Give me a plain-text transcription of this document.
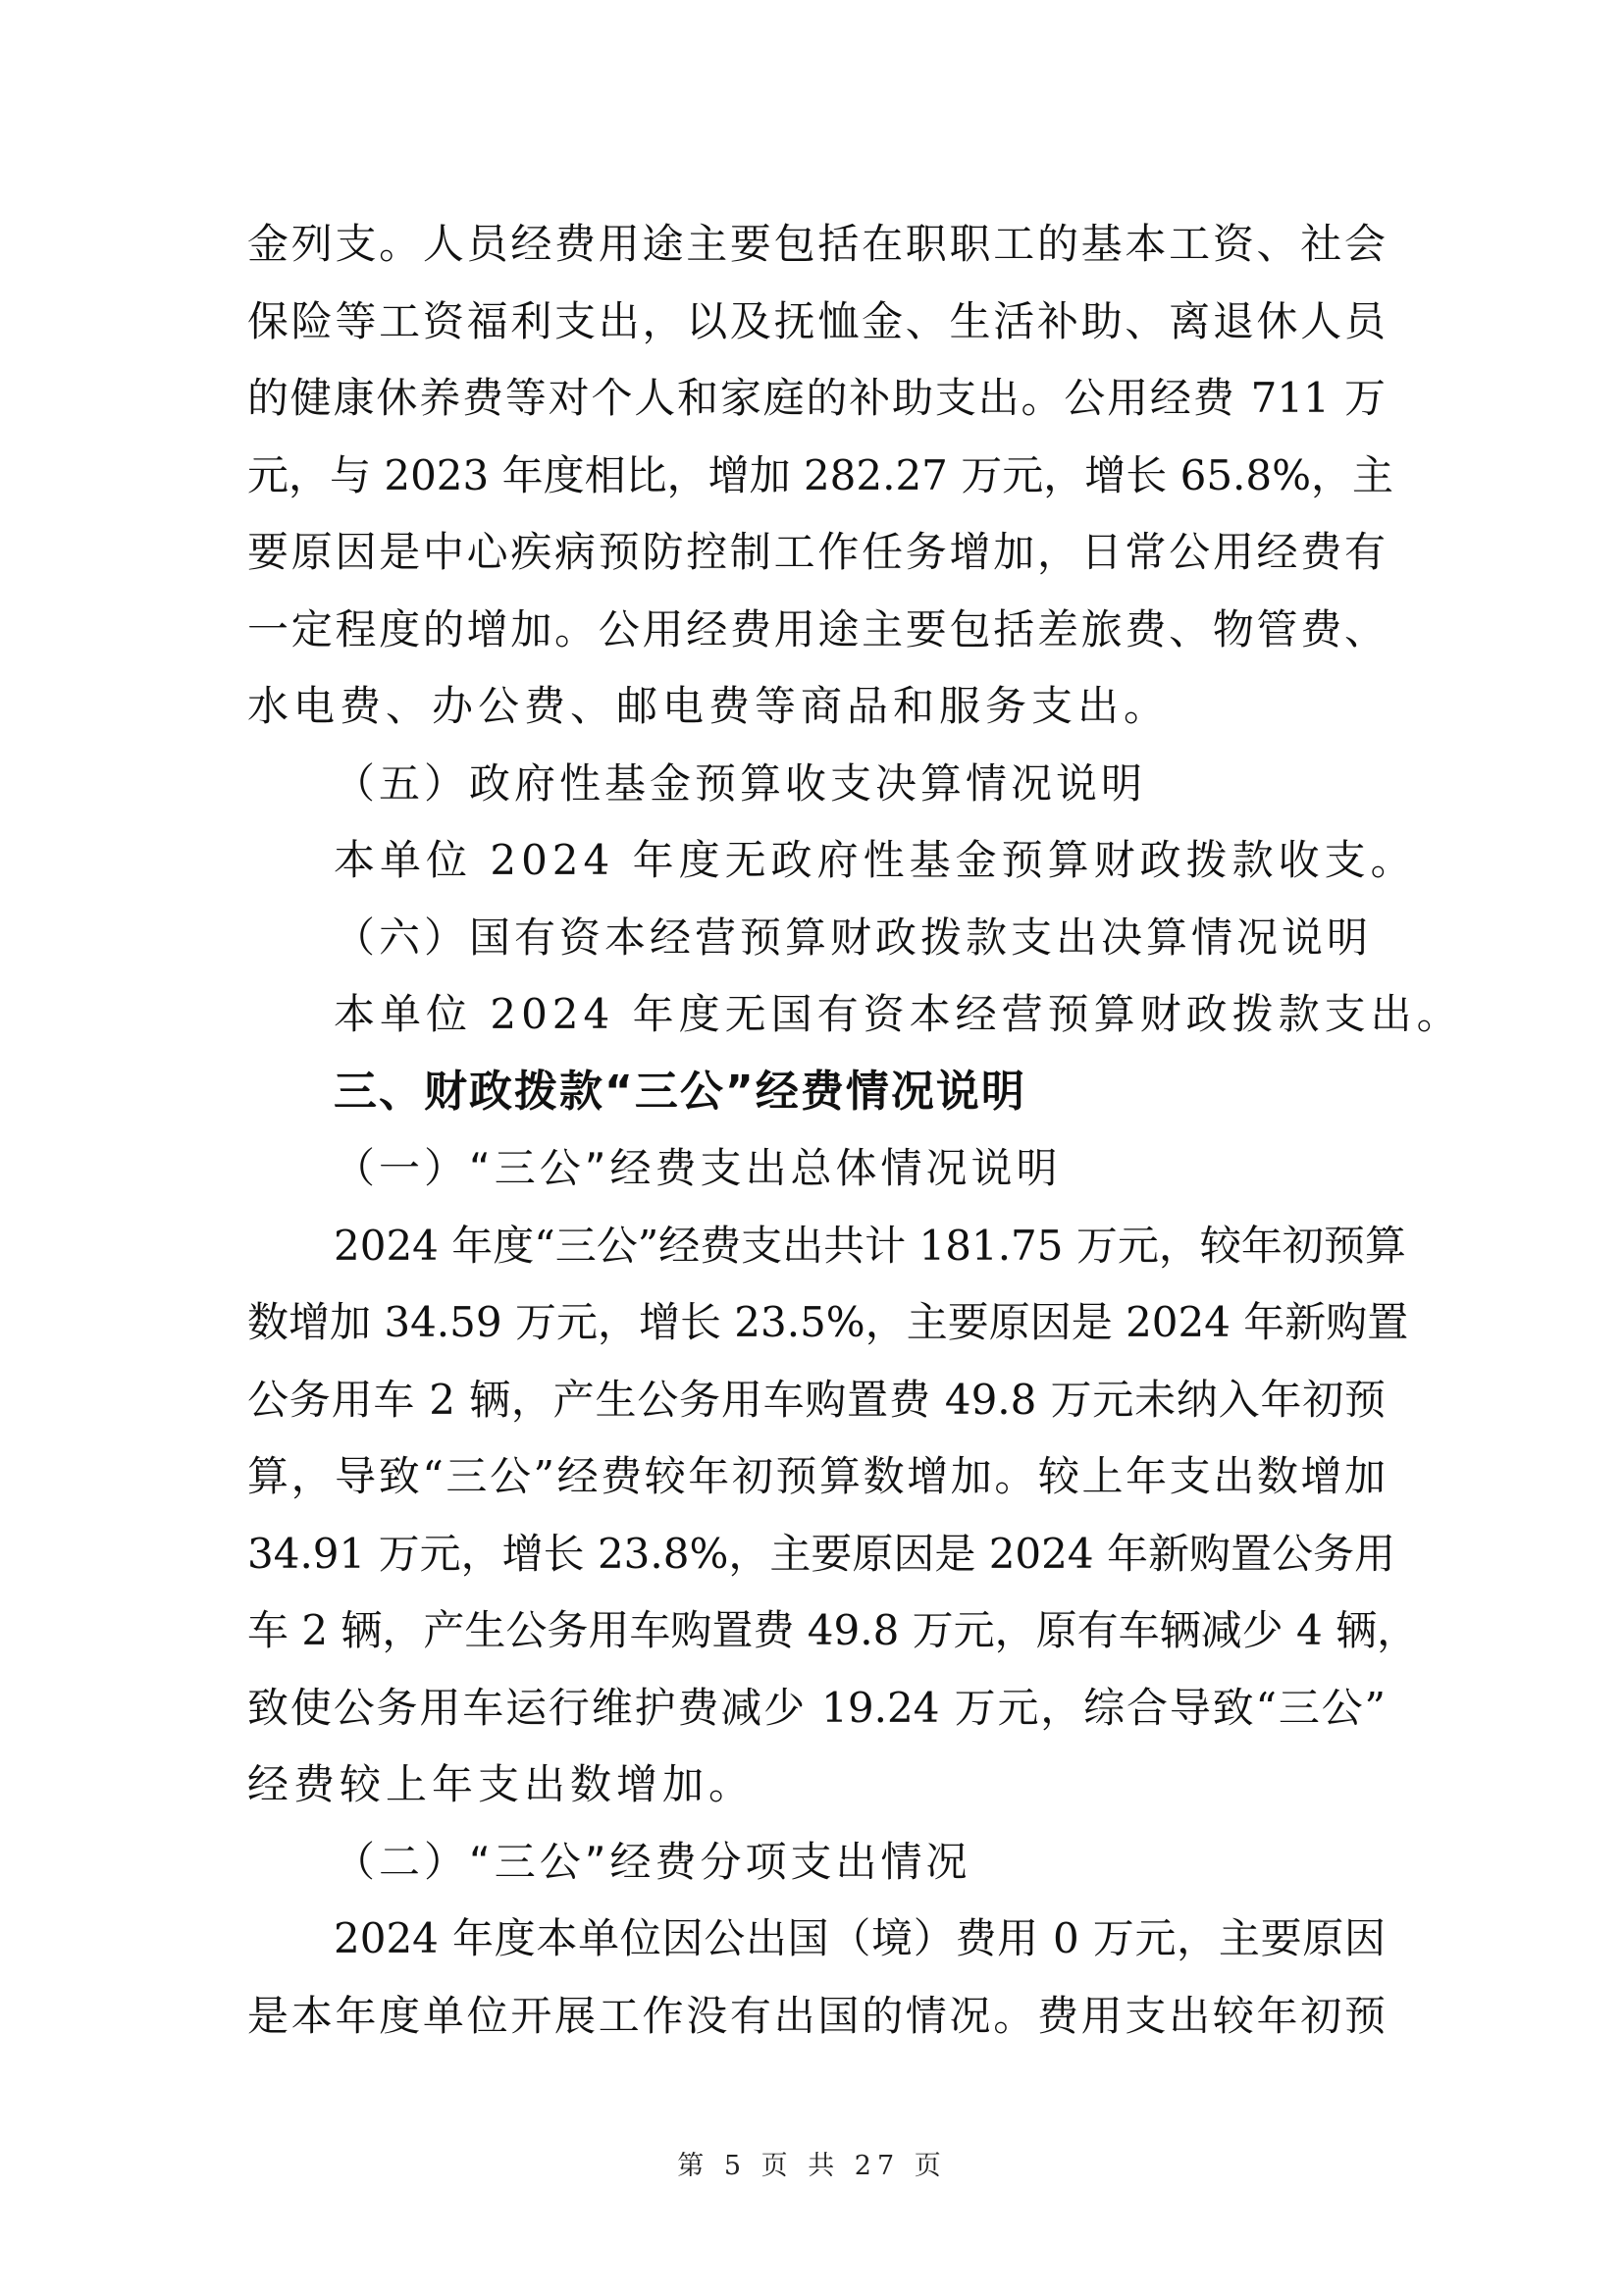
金列支。人员经费用途主要包括在职职工的基本工资、社会
保险等工资福利支出，以及抚恤金、生活补助、离退休人员
的健康休养费等对个人和家庭的补助支出。公用经费 711 万
元，与 2023 年度相比，增加 282.27 万元，增长 65.8%，主
要原因是中心疾病预防控制工作任务增加，日常公用经费有
一定程度的增加。公用经费用途主要包括差旅费、物管费、
水电费、办公费、邮电费等商品和服务支出。
（五）政府性基金预算收支决算情况说明
本单位 2024 年度无政府性基金预算财政拨款收支。
（六）国有资本经营预算财政拨款支出决算情况说明
本单位 2024 年度无国有资本经营预算财政拨款支出。
三、财政拨款“三公”经费情况说明
（一）“三公”经费支出总体情况说明
2024 年度“三公”经费支出共计 181.75 万元，较年初预算
数增加 34.59 万元，增长 23.5%，主要原因是 2024 年新购置
公务用车 2 辆，产生公务用车购置费 49.8 万元未纳入年初预
算，导致“三公”经费较年初预算数增加。较上年支出数增加
34.91 万元，增长 23.8%，主要原因是 2024 年新购置公务用
车 2 辆，产生公务用车购置费 49.8 万元，原有车辆减少 4 辆，
致使公务用车运行维护费减少 19.24 万元，综合导致“三公”
经费较上年支出数增加。
（二）“三公”经费分项支出情况
2024 年度本单位因公出国（境）费用 0 万元，主要原因
是本年度单位开展工作没有出国的情况。费用支出较年初预
第 5 页 共 27 页
